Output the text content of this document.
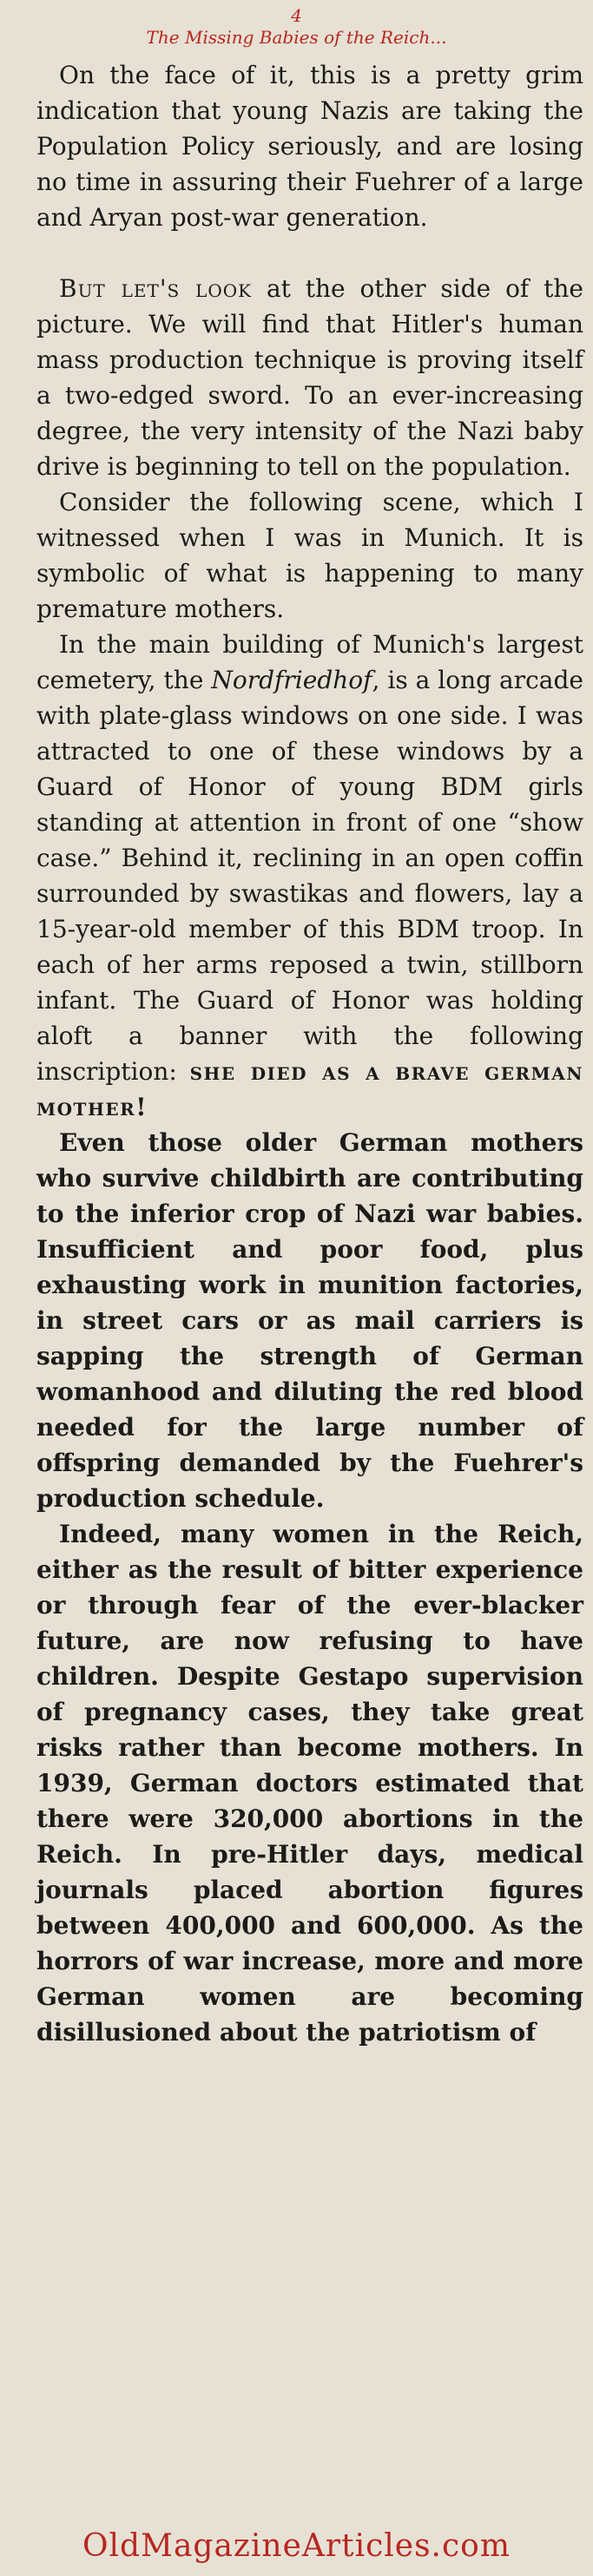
4
The Missing Babies of the Reich...

On the face of it, this is a pretty grim indication that young Nazis are taking the Population Policy seriously, and are losing no time in assuring their Fuehrer of a large and Aryan post-war generation.

But let's look at the other side of the picture. We will find that Hitler's human mass production technique is proving itself a two-edged sword. To an ever-increasing degree, the very intensity of the Nazi baby drive is beginning to tell on the population.

Consider the following scene, which I witnessed when I was in Munich. It is symbolic of what is happening to many premature mothers.

In the main building of Munich's largest cemetery, the Nordfriedhof, is a long arcade with plate-glass windows on one side. I was attracted to one of these windows by a Guard of Honor of young BDM girls standing at attention in front of one “show case.” Behind it, reclining in an open coffin surrounded by swastikas and flowers, lay a 15-year-old member of this BDM troop. In each of her arms reposed a twin, stillborn infant. The Guard of Honor was holding aloft a banner with the following inscription: she died as a brave german mother!

Even those older German mothers who survive childbirth are contributing to the inferior crop of Nazi war babies. Insufficient and poor food, plus exhausting work in munition factories, in street cars or as mail carriers is sapping the strength of German womanhood and diluting the red blood needed for the large number of offspring demanded by the Fuehrer's production schedule.

Indeed, many women in the Reich, either as the result of bitter experience or through fear of the ever-blacker future, are now refusing to have children. Despite Gestapo supervision of pregnancy cases, they take great risks rather than become mothers. In 1939, German doctors estimated that there were 320,000 abortions in the Reich. In pre-Hitler days, medical journals placed abortion figures between 400,000 and 600,000. As the horrors of war increase, more and more German women are becoming disillusioned about the patriotism of

OldMagazineArticles.com
